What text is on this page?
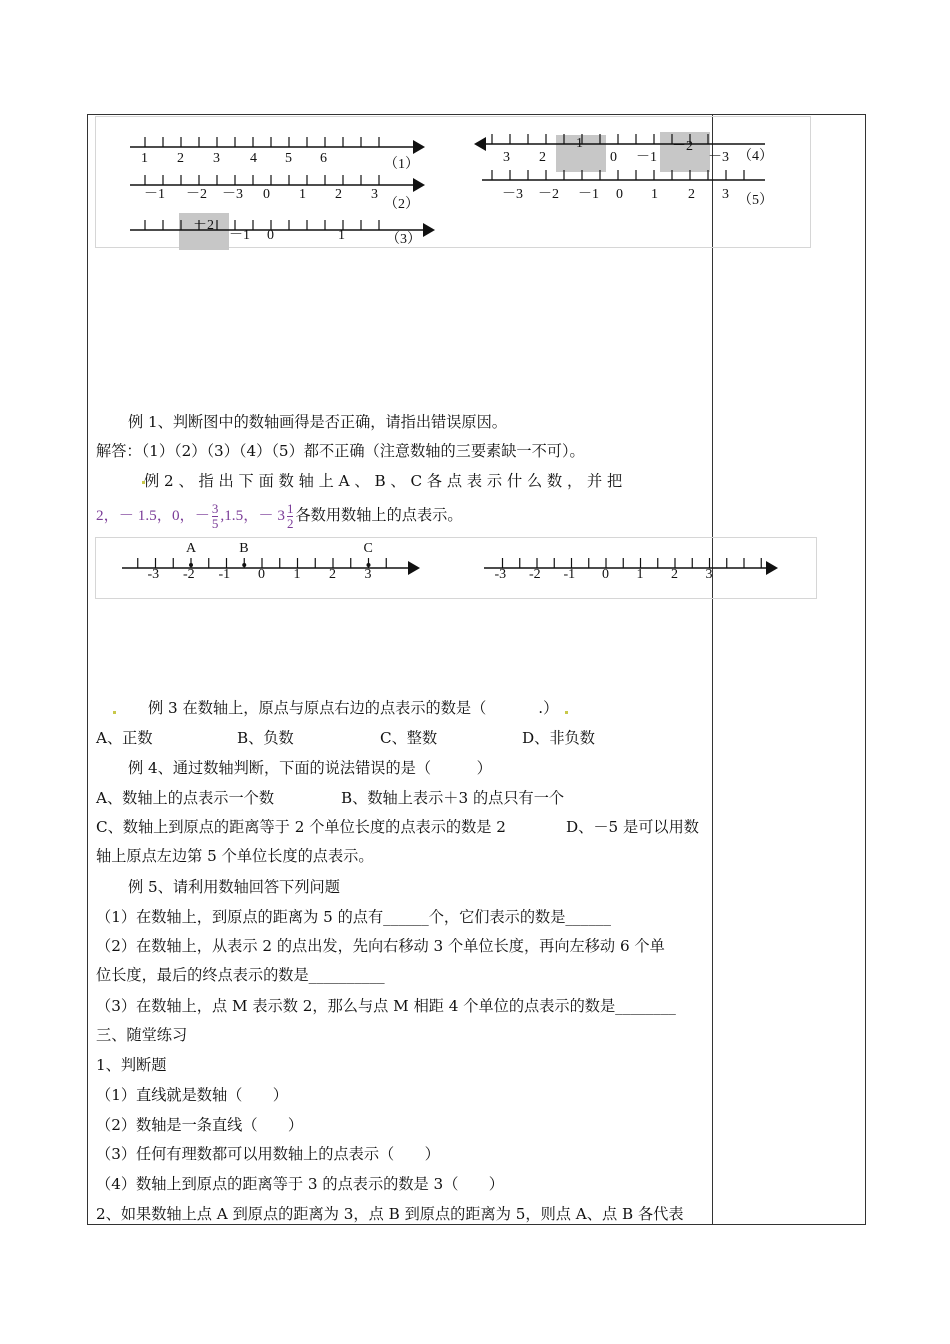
1 2 3 4 5 6	（1）
－1 －2 －3 0 1 2 3
（2）
－2
－1 0	1	（3）
3 2
1
0 －1
－2
－3 （4）
－3 －2 －1 0 1 2 3 （5）
例 1、判断图中的数轴画得是否正确，请指出错误原因。
解答：（1）（2）（3）（4）（5）都不正确（注意数轴的三要素缺一不可）。
例 2 、 指 出 下 面 数 轴 上 A 、 B 、 C 各 点 表 示 什 么 数 ， 并 把
2，－ 1.5，0，－ $\frac{3}{5} ,1.5$，－ $3 \frac{1}{2}$ 各数用数轴上的点表示。
-3 -2 -1 0 1 2 3
A	B	C
-3 -2 -1 0 1 2 3
例 3 在数轴上，原点与原点右边的点表示的数是（	.）
A、正数	B、负数	C、整数	D、非负数
例 4、通过数轴判断，下面的说法错误的是（　　　）
A、数轴上的点表示一个数	B、数轴上表示＋3 的点只有一个
C、数轴上到原点的距离等于 2 个单位长度的点表示的数是 2	D、－5 是可以用数
轴上原点左边第 5 个单位长度的点表示。
例 5、请利用数轴回答下列问题
（1）在数轴上，到原点的距离为 5 的点有______个，它们表示的数是______
（2）在数轴上，从表示 2 的点出发，先向右移动 3 个单位长度，再向左移动 6 个单
位长度，最后的终点表示的数是__________
（3）在数轴上，点 M 表示数 2，那么与点 M 相距 4 个单位的点表示的数是________
三、随堂练习
1、判断题
（1）直线就是数轴（　　）
（2）数轴是一条直线（　　）
（3）任何有理数都可以用数轴上的点表示（　　）
（4）数轴上到原点的距离等于 3 的点表示的数是 3（　　）
2、如果数轴上点 A 到原点的距离为 3，点 B 到原点的距离为 5，则点 A、点 B 各代表
